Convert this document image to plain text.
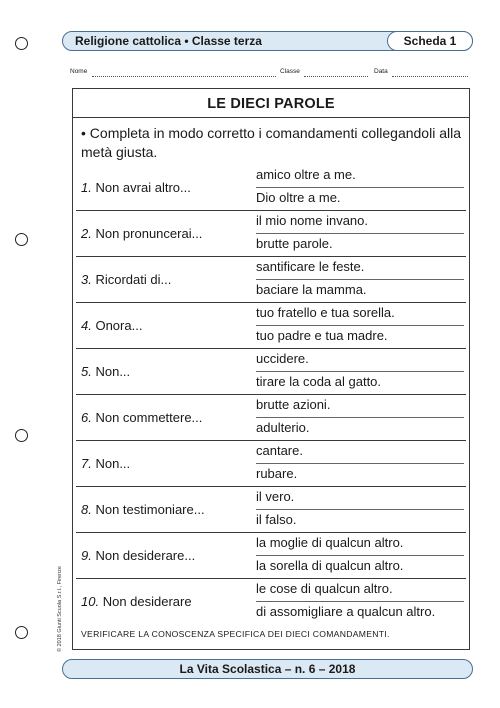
Religione cattolica • Classe terza	Scheda 1
Nome	Classe	Data
LE DIECI PAROLE
• Completa in modo corretto i comandamenti collegandoli alla metà giusta.
1. Non avrai altro...
amico oltre a me.
Dio oltre a me.
2. Non pronuncerai...
il mio nome invano.
brutte parole.
3. Ricordati di...
santificare le feste.
baciare la mamma.
4. Onora...
tuo fratello e tua sorella.
tuo padre e tua madre.
5. Non...
uccidere.
tirare la coda al gatto.
6. Non commettere...
brutte azioni.
adulterio.
7. Non...
cantare.
rubare.
8. Non testimoniare...
il vero.
il falso.
9. Non desiderare...
la moglie di qualcun altro.
la sorella di qualcun altro.
10. Non desiderare
le cose di qualcun altro.
di assomigliare a qualcun altro.
VERIFICARE LA CONOSCENZA SPECIFICA DEI DIECI COMANDAMENTI.
© 2018 Giunti Scuola S.r.l., Firenze
La Vita Scolastica – n. 6 – 2018
